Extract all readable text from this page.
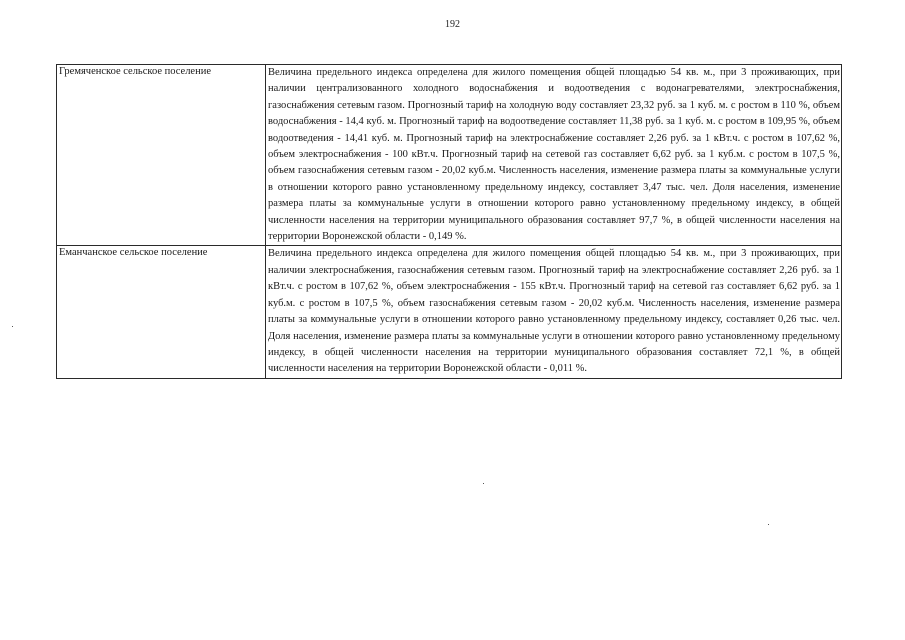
192
Гремяченское сельское поселение	Величина предельного индекса определена для жилого помещения общей площадью 54 кв. м., при 3 проживающих, при наличии централизованного холодного водоснабжения и водоотведения с водонагревателями, электроснабжения, газоснабжения сетевым газом. Прогнозный тариф на холодную воду составляет 23,32 руб. за 1 куб. м. с ростом в 110 %, объем водоснабжения - 14,4 куб. м. Прогнозный тариф на водоотведение составляет 11,38 руб. за 1 куб. м. с ростом в 109,95 %, объем водоотведения - 14,41 куб. м. Прогнозный тариф на электроснабжение составляет 2,26 руб. за 1 кВт.ч. с ростом в 107,62 %, объем электроснабжения - 100 кВт.ч. Прогнозный тариф на сетевой газ составляет 6,62 руб. за 1 куб.м. с ростом в 107,5 %, объем газоснабжения сетевым газом - 20,02 куб.м. Численность населения, изменение размера платы за коммунальные услуги в отношении которого равно установленному предельному индексу, составляет 3,47 тыс. чел. Доля населения, изменение размера платы за коммунальные услуги в отношении которого равно установленному предельному индексу, в общей численности населения на территории муниципального образования составляет 97,7 %, в общей численности населения на территории Воронежской области - 0,149 %.
Еманчанское сельское поселение	Величина предельного индекса определена для жилого помещения общей площадью 54 кв. м., при 3 проживающих, при наличии электроснабжения, газоснабжения сетевым газом. Прогнозный тариф на электроснабжение составляет 2,26 руб. за 1 кВт.ч. с ростом в 107,62 %, объем электроснабжения - 155 кВт.ч. Прогнозный тариф на сетевой газ составляет 6,62 руб. за 1 куб.м. с ростом в 107,5 %, объем газоснабжения сетевым газом - 20,02 куб.м. Численность населения, изменение размера платы за коммунальные услуги в отношении которого равно установленному предельному индексу, составляет 0,26 тыс. чел. Доля населения, изменение размера платы за коммунальные услуги в отношении которого равно установленному предельному индексу, в общей численности населения на территории муниципального образования составляет 72,1 %, в общей численности населения на территории Воронежской области - 0,011 %.
